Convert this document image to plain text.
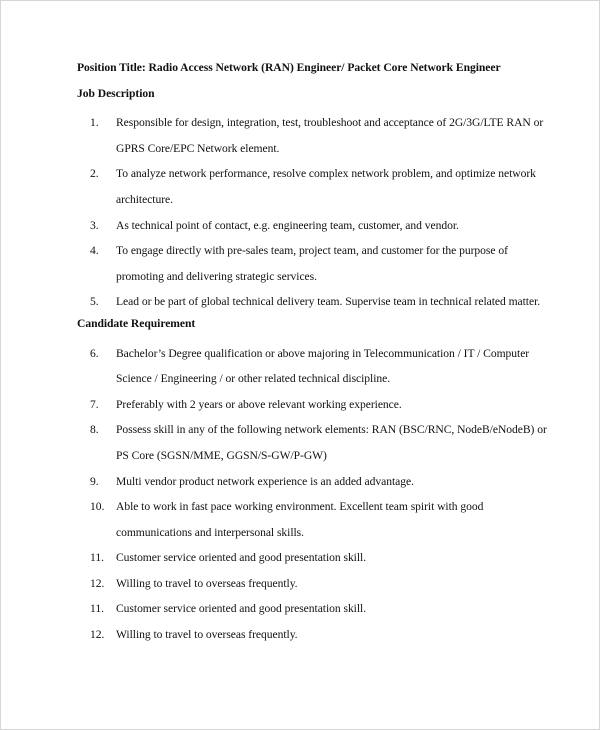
Position Title: Radio Access Network (RAN) Engineer/ Packet Core Network Engineer
Job Description
1.	Responsible for design, integration, test, troubleshoot and acceptance of 2G/3G/LTE RAN or GPRS Core/EPC Network element.
2.	To analyze network performance, resolve complex network problem, and optimize network architecture.
3.	As technical point of contact, e.g. engineering team, customer, and vendor.
4.	To engage directly with pre-sales team, project team, and customer for the purpose of promoting and delivering strategic services.
5.	Lead or be part of global technical delivery team. Supervise team in technical related matter.
Candidate Requirement
6.	Bachelor’s Degree qualification or above majoring in Telecommunication / IT / Computer Science / Engineering / or other related technical discipline.
7.	Preferably with 2 years or above relevant working experience.
8.	Possess skill in any of the following network elements: RAN (BSC/RNC, NodeB/eNodeB) or PS Core (SGSN/MME, GGSN/S-GW/P-GW)
9.	Multi vendor product network experience is an added advantage.
10.	Able to work in fast pace working environment. Excellent team spirit with good communications and interpersonal skills.
11.	Customer service oriented and good presentation skill.
12.	Willing to travel to overseas frequently.
11.	Customer service oriented and good presentation skill.
12.	Willing to travel to overseas frequently.
